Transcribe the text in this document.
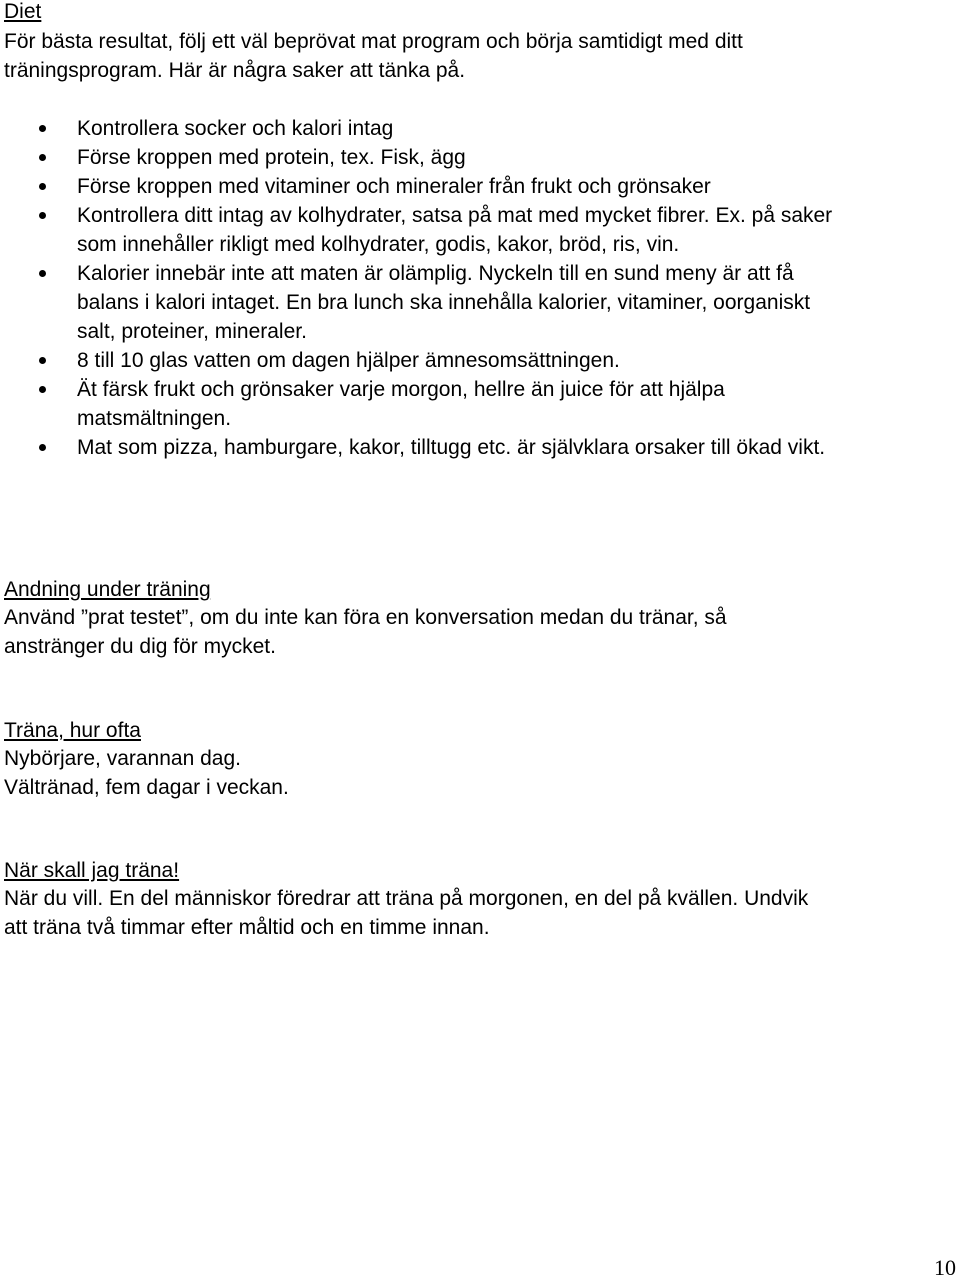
Diet
För bästa resultat, följ ett väl beprövat mat program och börja samtidigt med ditt
träningsprogram. Här är några saker att tänka på.
Kontrollera socker och kalori intag
Förse kroppen med protein, tex. Fisk, ägg
Förse kroppen med vitaminer och mineraler från frukt och grönsaker
Kontrollera ditt intag av kolhydrater, satsa på mat med mycket fibrer. Ex. på saker
som innehåller rikligt med kolhydrater, godis, kakor, bröd, ris, vin.
Kalorier innebär inte att maten är olämplig. Nyckeln till en sund meny är att få
balans i kalori intaget. En bra lunch ska innehålla kalorier, vitaminer, oorganiskt
salt, proteiner, mineraler.
8 till 10 glas vatten om dagen hjälper ämnesomsättningen.
Ät färsk frukt och grönsaker varje morgon, hellre än juice för att hjälpa
matsmältningen.
Mat som pizza, hamburgare, kakor, tilltugg etc. är självklara orsaker till ökad vikt.
Andning under träning
Använd ”prat testet”, om du inte kan föra en konversation medan du tränar, så
anstränger du dig för mycket.
Träna, hur ofta
Nybörjare, varannan dag.
Vältränad, fem dagar i veckan.
När skall jag träna!
När du vill. En del människor föredrar att träna på morgonen, en del på kvällen. Undvik
att träna två timmar efter måltid och en timme innan.
10
